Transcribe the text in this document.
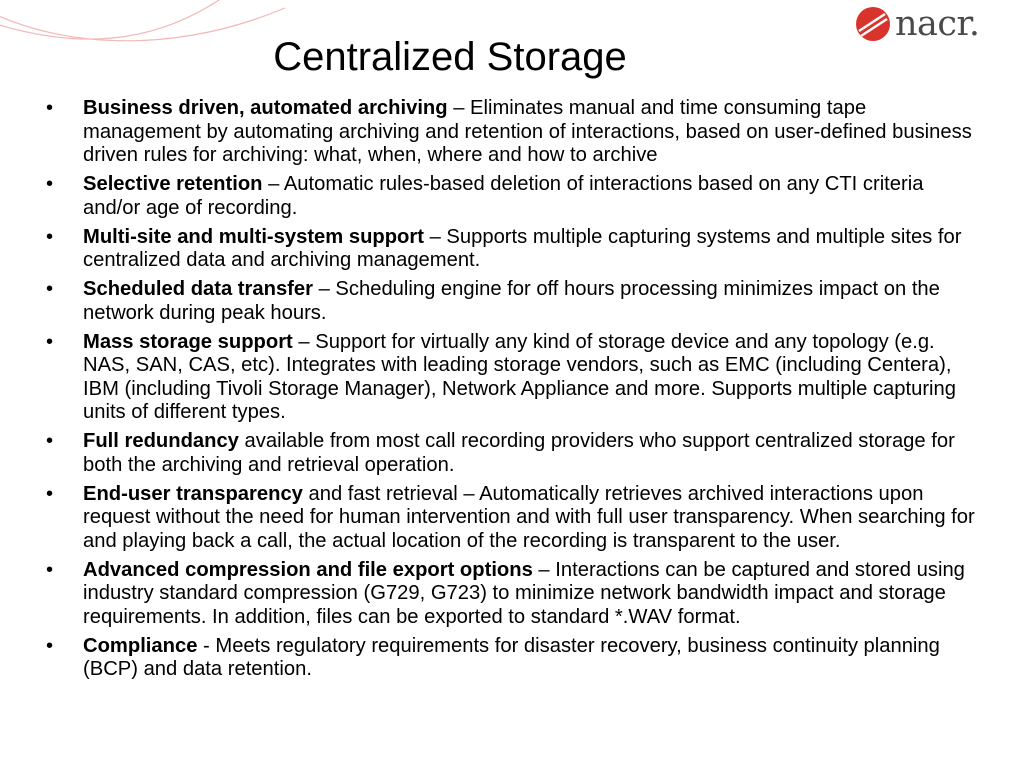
nacr.
Centralized Storage
• Business driven, automated archiving – Eliminates manual and time consuming tape management by automating archiving and retention of interactions, based on user-defined business driven rules for archiving: what, when, where and how to archive
• Selective retention – Automatic rules-based deletion of interactions based on any CTI criteria and/or age of recording.
• Multi-site and multi-system support – Supports multiple capturing systems and multiple sites for centralized data and archiving management.
• Scheduled data transfer – Scheduling engine for off hours processing minimizes impact on the network during peak hours.
• Mass storage support – Support for virtually any kind of storage device and any topology (e.g. NAS, SAN, CAS, etc). Integrates with leading storage vendors, such as EMC (including Centera), IBM (including Tivoli Storage Manager), Network Appliance and more. Supports multiple capturing units of different types.
• Full redundancy available from most call recording providers who support centralized storage for both the archiving and retrieval operation.
• End-user transparency and fast retrieval – Automatically retrieves archived interactions upon request without the need for human intervention and with full user transparency. When searching for and playing back a call, the actual location of the recording is transparent to the user.
• Advanced compression and file export options – Interactions can be captured and stored using industry standard compression (G729, G723) to minimize network bandwidth impact and storage requirements. In addition, files can be exported to standard *.WAV format.
• Compliance - Meets regulatory requirements for disaster recovery, business continuity planning (BCP) and data retention.
